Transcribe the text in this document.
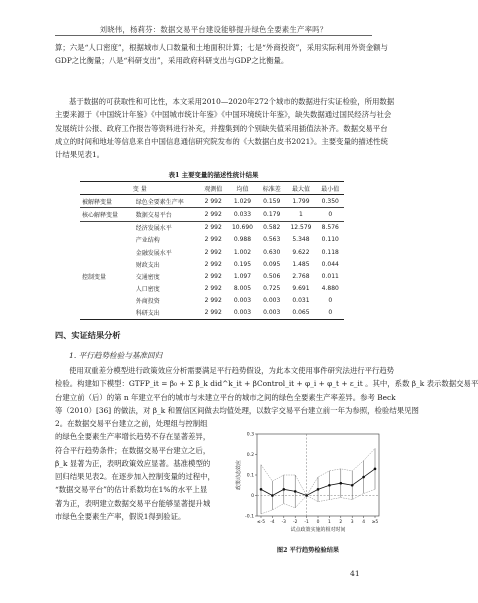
刘晓伟，杨莉芬：数据交易平台建设能够提升绿色全要素生产率吗？
算；六是“人口密度”，根据城市人口数量和土地面积计算；七是“外商投资”，采用实际利用外资金额与
GDP之比衡量；八是“科研支出”，采用政府科研支出与GDP之比衡量。
基于数据的可获取性和可比性，本文采用2010—2020年272个城市的数据进行实证检验，所用数据
主要来源于《中国统计年鉴》《中国城市统计年鉴》《中国环境统计年鉴》，缺失数据通过国民经济与社会
发展统计公报、政府工作报告等资料进行补充，并搜集到的个别缺失值采用插值法补齐。数据交易平台
成立的时间和地址等信息来自中国信息通信研究院发布的《大数据白皮书2021》。主要变量的描述性统
计结果见表1。
表1 主要变量的描述性统计结果
变 量		观测值	均值	标准差	最大值	最小值
被解释变量	绿色全要素生产率	2 992	1.029	0.159	1.799	0.350
核心解释变量	数据交易平台	2 992	0.033	0.179	1	0
	经济发展水平	2 992	10.690	0.582	12.579	8.576
	产业结构	2 992	0.988	0.563	5.348	0.110
	金融发展水平	2 992	1.002	0.630	9.622	0.118
	财政支出	2 992	0.195	0.095	1.485	0.044
控制变量	交通密度	2 992	1.097	0.506	2.768	0.011
	人口密度	2 992	8.005	0.725	9.691	4.880
	外商投资	2 992	0.003	0.003	0.031	0
	科研支出	2 992	0.003	0.003	0.065	0
四、实证结果分析
1. 平行趋势检验与基准回归
使用双重差分模型进行政策效应分析需要满足平行趋势假设，为此本文使用事件研究法进行平行趋势
检验。构建如下模型：GTFP_it = β₀ + Σ β_k did^k_it + βControl_it + φ_i + φ_t + ε_it 。其中，系数 β_k 表示数据交易平
台建立前（后）的第 n 年建立平台的城市与未建立平台的城市之间的绿色全要素生产率差异。参考 Beck
等（2010）[36] 的做法，对 β_k 和置信区间做去均值处理，以数字交易平台建立前一年为参照，检验结果见图
2。在数据交易平台建立之前，处理组与控制组
的绿色全要素生产率增长趋势不存在显著差异，
符合平行趋势条件；在数据交易平台建立之后，
β_k 显著为正，表明政策效应显著。基准模型的
回归结果见表2。在逐步加入控制变量的过程中，
“数据交易平台”的估计系数均在1%的水平上显
著为正，表明建立数据交易平台能够显著提升城
市绿色全要素生产率，假说1得到验证。	-0.1
0
0.1
0.2
0.3
≤-5 -4 -3 -2 -1 0 1 2 3 4 ≥5
试点政策实施的相对时间
政策动态效应
图2 平行趋势检验结果
41
